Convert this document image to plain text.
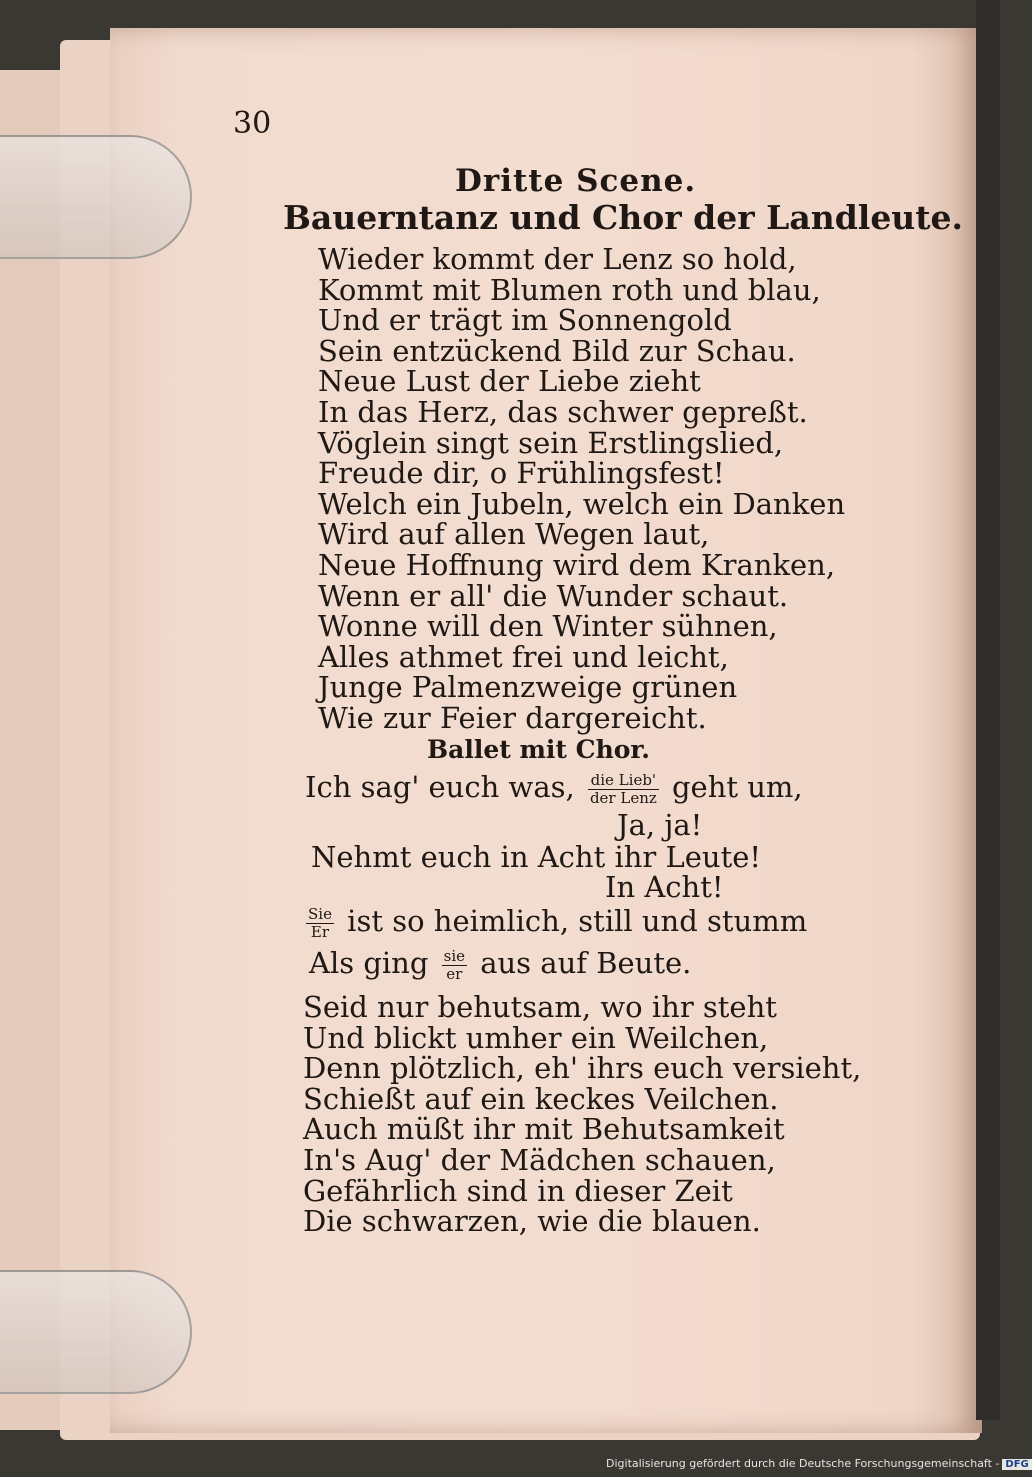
30
Dritte Scene.
Bauerntanz und Chor der Landleute.
Wieder kommt der Lenz so hold,
Kommt mit Blumen roth und blau,
Und er trägt im Sonnengold
Sein entzückend Bild zur Schau.
Neue Lust der Liebe zieht
In das Herz, das schwer gepreßt.
Vöglein singt sein Erstlingslied,
Freude dir, o Frühlingsfest!
Welch ein Jubeln, welch ein Danken
Wird auf allen Wegen laut,
Neue Hoffnung wird dem Kranken,
Wenn er all' die Wunder schaut.
Wonne will den Winter sühnen,
Alles athmet frei und leicht,
Junge Palmenzweige grünen
Wie zur Feier dargereicht.
Ballet mit Chor.
Ich sag' euch was, $\frac{\text{die Lieb'}}{\text{der Lenz}}$ geht um,
Ja, ja!
Nehmt euch in Acht ihr Leute!
In Acht!
$\frac{\text{Sie}}{Er}$ ist so heimlich, still und stumm
Als ging $\frac{\text{sie}}{er}$ aus auf Beute.
Seid nur behutsam, wo ihr steht
Und blickt umher ein Weilchen,
Denn plötzlich, eh' ihrs euch versieht,
Schießt auf ein keckes Veilchen.
Auch müßt ihr mit Behutsamkeit
In's Aug' der Mädchen schauen,
Gefährlich sind in dieser Zeit
Die schwarzen, wie die blauen.
Digitalisierung gefördert durch die Deutsche Forschungsgemeinschaft - DFG
